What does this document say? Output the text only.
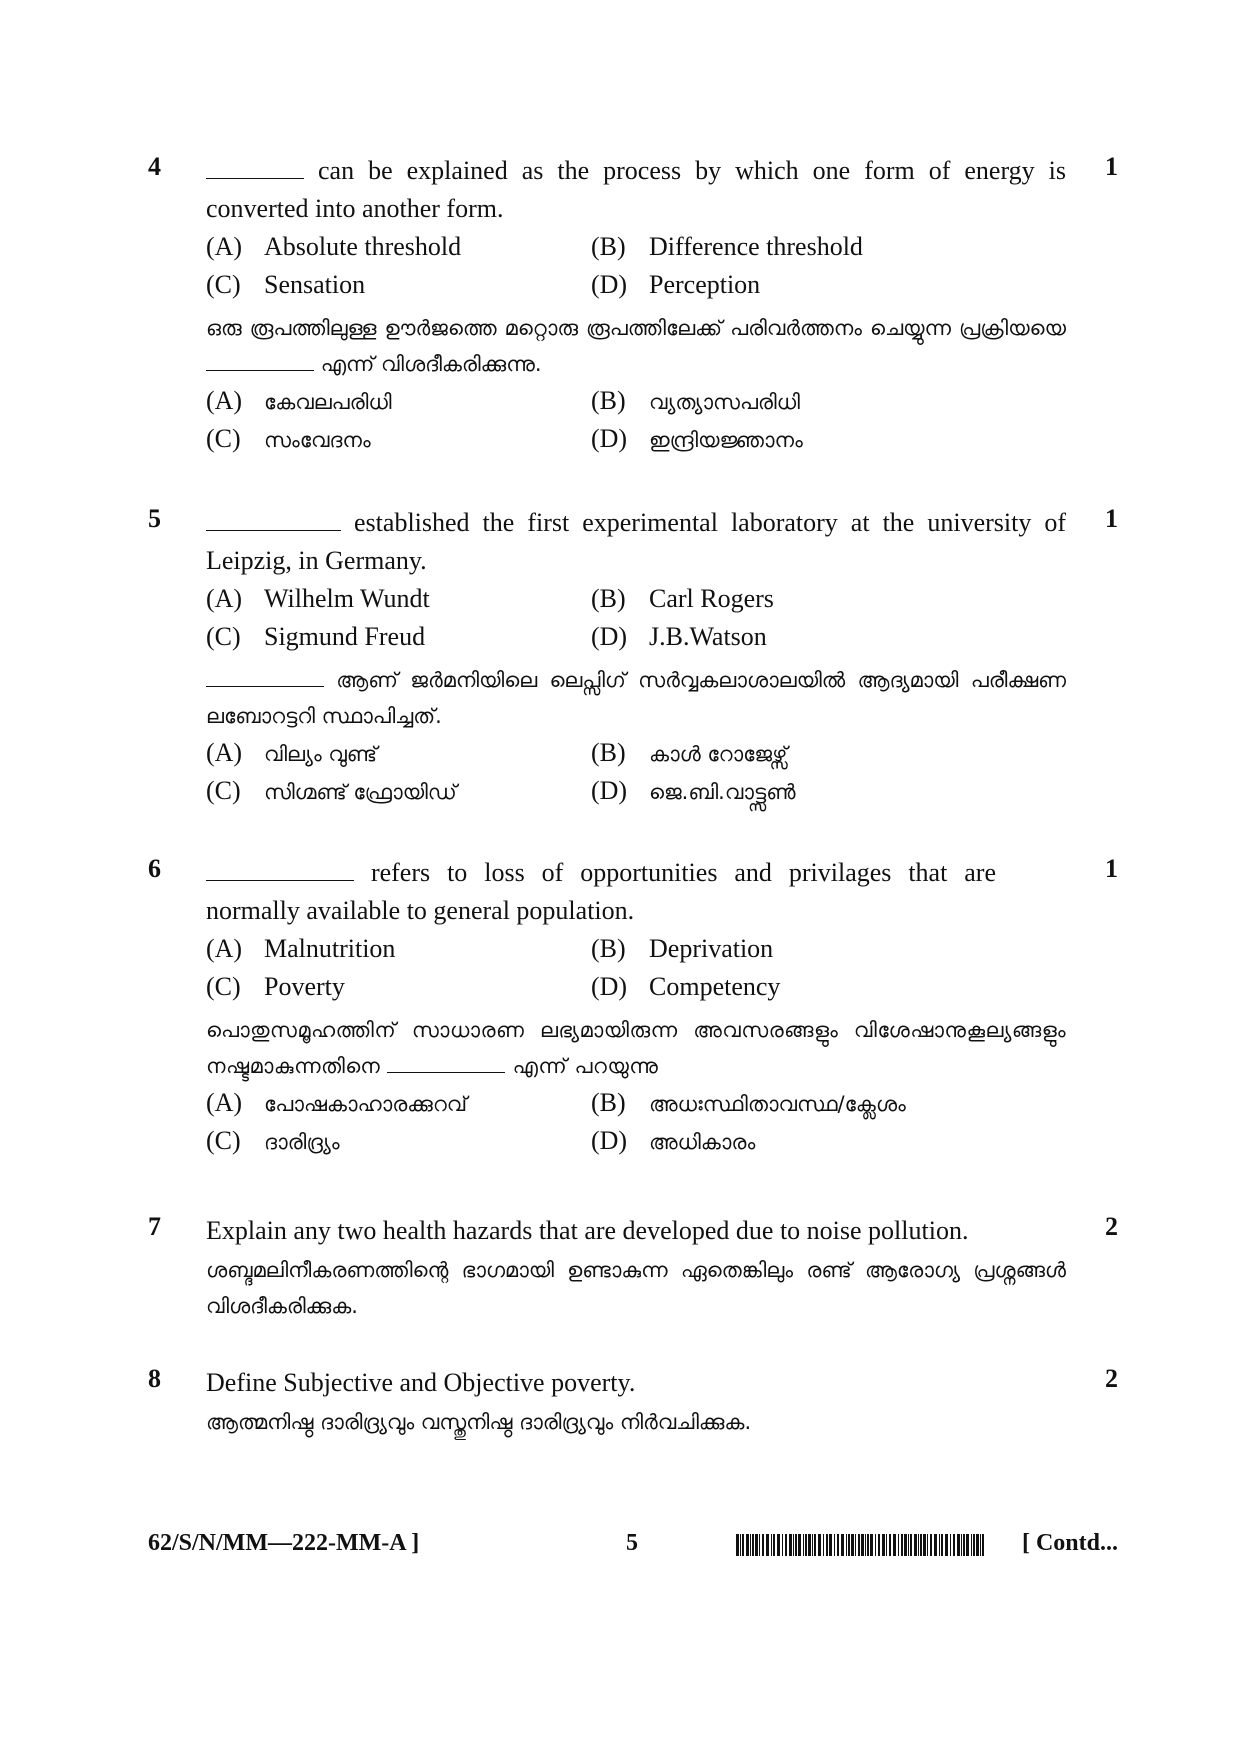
4	1
can be explained as the process by which one form of energy is converted into another form.
(A) Absolute threshold	(B) Difference threshold
(C) Sensation	(D) Perception
ഒരു രൂപത്തിലുള്ള ഊർജത്തെ മറ്റൊരു രൂപത്തിലേക്ക് പരിവർത്തനം ചെയ്യുന്ന പ്രക്രിയയെ  എന്ന് വിശദീകരിക്കുന്നു.
(A) കേവലപരിധി	(B) വ്യത്യാസപരിധി
(C) സംവേദനം	(D) ഇന്ദ്രിയജ്ഞാനം
5	1
established the first experimental laboratory at the university of Leipzig, in Germany.
(A) Wilhelm Wundt	(B) Carl Rogers
(C) Sigmund Freud	(D) J.B.Watson
ആണ് ജർമനിയിലെ ലെപ്സിഗ് സർവ്വകലാശാലയിൽ ആദ്യമായി പരീക്ഷണ ലബോറട്ടറി സ്ഥാപിച്ചത്.
(A) വില്യം വുണ്ട്	(B) കാൾ റോജേഴ്സ്
(C) സിഗ്മണ്ട് ഫ്രോയിഡ്	(D) ജെ.ബി.വാട്ട്സൺ
6	1
refers to loss of opportunities and privilages that are normally available to general population.
(A) Malnutrition	(B) Deprivation
(C) Poverty	(D) Competency
പൊതുസമൂഹത്തിന് സാധാരണ ലഭ്യമായിരുന്ന അവസരങ്ങളും വിശേഷാനുകൂല്യങ്ങളും നഷ്ടമാകുന്നതിനെ	എന്ന് പറയുന്നു
(A) പോഷകാഹാരക്കുറവ്	(B) അധഃസ്ഥിതാവസ്ഥ/ക്ലേശം
(C) ദാരിദ്ര്യം	(D) അധികാരം
7	2
Explain any two health hazards that are developed due to noise pollution.
ശബ്ദമലിനീകരണത്തിന്റെ ഭാഗമായി ഉണ്ടാകുന്ന ഏതെങ്കിലും രണ്ട് ആരോഗ്യ പ്രശ്നങ്ങൾ വിശദീകരിക്കുക.
8	2
Define Subjective and Objective poverty.
ആത്മനിഷ്ഠ ദാരിദ്ര്യവും വസ്തുനിഷ്ഠ ദാരിദ്ര്യവും നിർവചിക്കുക.
62/S/N/MM—222-MM-A ]	5	[ Contd...
